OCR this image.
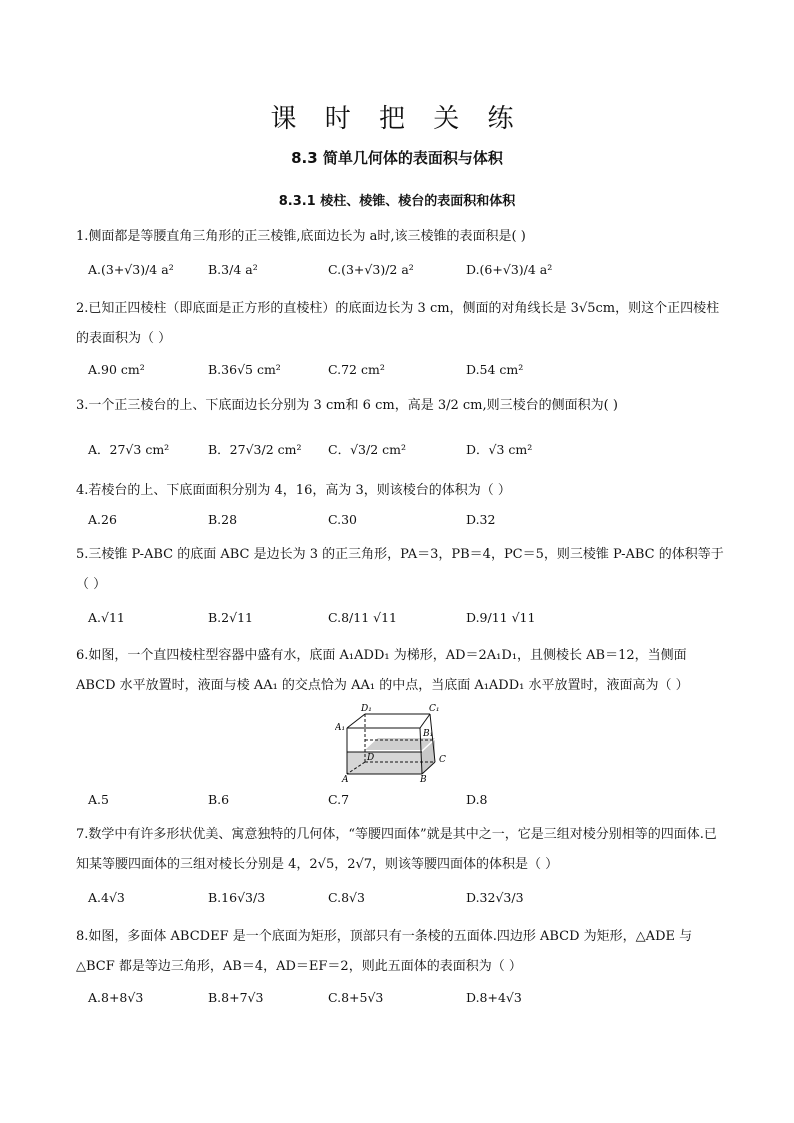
课 时 把 关 练
8.3 简单几何体的表面积与体积
8.3.1 棱柱、棱锥、棱台的表面积和体积
1.侧面都是等腰直角三角形的正三棱锥,底面边长为 a时,该三棱锥的表面积是( )
A.(3+√3)/4 a²	B.3/4 a²	C.(3+√3)/2 a²	D.(6+√3)/4 a²
2.已知正四棱柱（即底面是正方形的直棱柱）的底面边长为 3 cm，侧面的对角线长是 3√5cm，则这个正四棱柱的表面积为（ ）
A.90 cm²	B.36√5 cm²	C.72 cm²	D.54 cm²
3.一个正三棱台的上、下底面边长分别为 3 cm和 6 cm，高是 3/2 cm,则三棱台的侧面积为( )
A．27√3 cm²	B．27√3/2 cm² C．√3/2 cm²	D．√3 cm²
4.若棱台的上、下底面面积分别为 4，16，高为 3，则该棱台的体积为（ ）
A.26	B.28	C.30	D.32
5.三棱锥 P-ABC 的底面 ABC 是边长为 3 的正三角形，PA＝3，PB＝4，PC＝5，则三棱锥 P-ABC 的体积等于（ ）
A.√11	B.2√11	C.8/11 √11	D.9/11 √11
6.如图，一个直四棱柱型容器中盛有水，底面 A₁ADD₁ 为梯形，AD＝2A₁D₁，且侧棱长 AB＝12，当侧面 ABCD 水平放置时，液面与棱 AA₁ 的交点恰为 AA₁ 的中点，当底面 A₁ADD₁ 水平放置时，液面高为（ ）
D₁	C₁
A₁
B₁
D	C
A	B
A.5	B.6	C.7	D.8
7.数学中有许多形状优美、寓意独特的几何体，“等腰四面体”就是其中之一，它是三组对棱分别相等的四面体.已知某等腰四面体的三组对棱长分别是 4，2√5，2√7，则该等腰四面体的体积是（ ）
A.4√3	B.16√3/3	C.8√3	D.32√3/3
8.如图，多面体 ABCDEF 是一个底面为矩形，顶部只有一条棱的五面体.四边形 ABCD 为矩形，△ADE 与△BCF 都是等边三角形，AB＝4，AD＝EF＝2，则此五面体的表面积为（ ）
A.8+8√3	B.8+7√3	C.8+5√3	D.8+4√3
